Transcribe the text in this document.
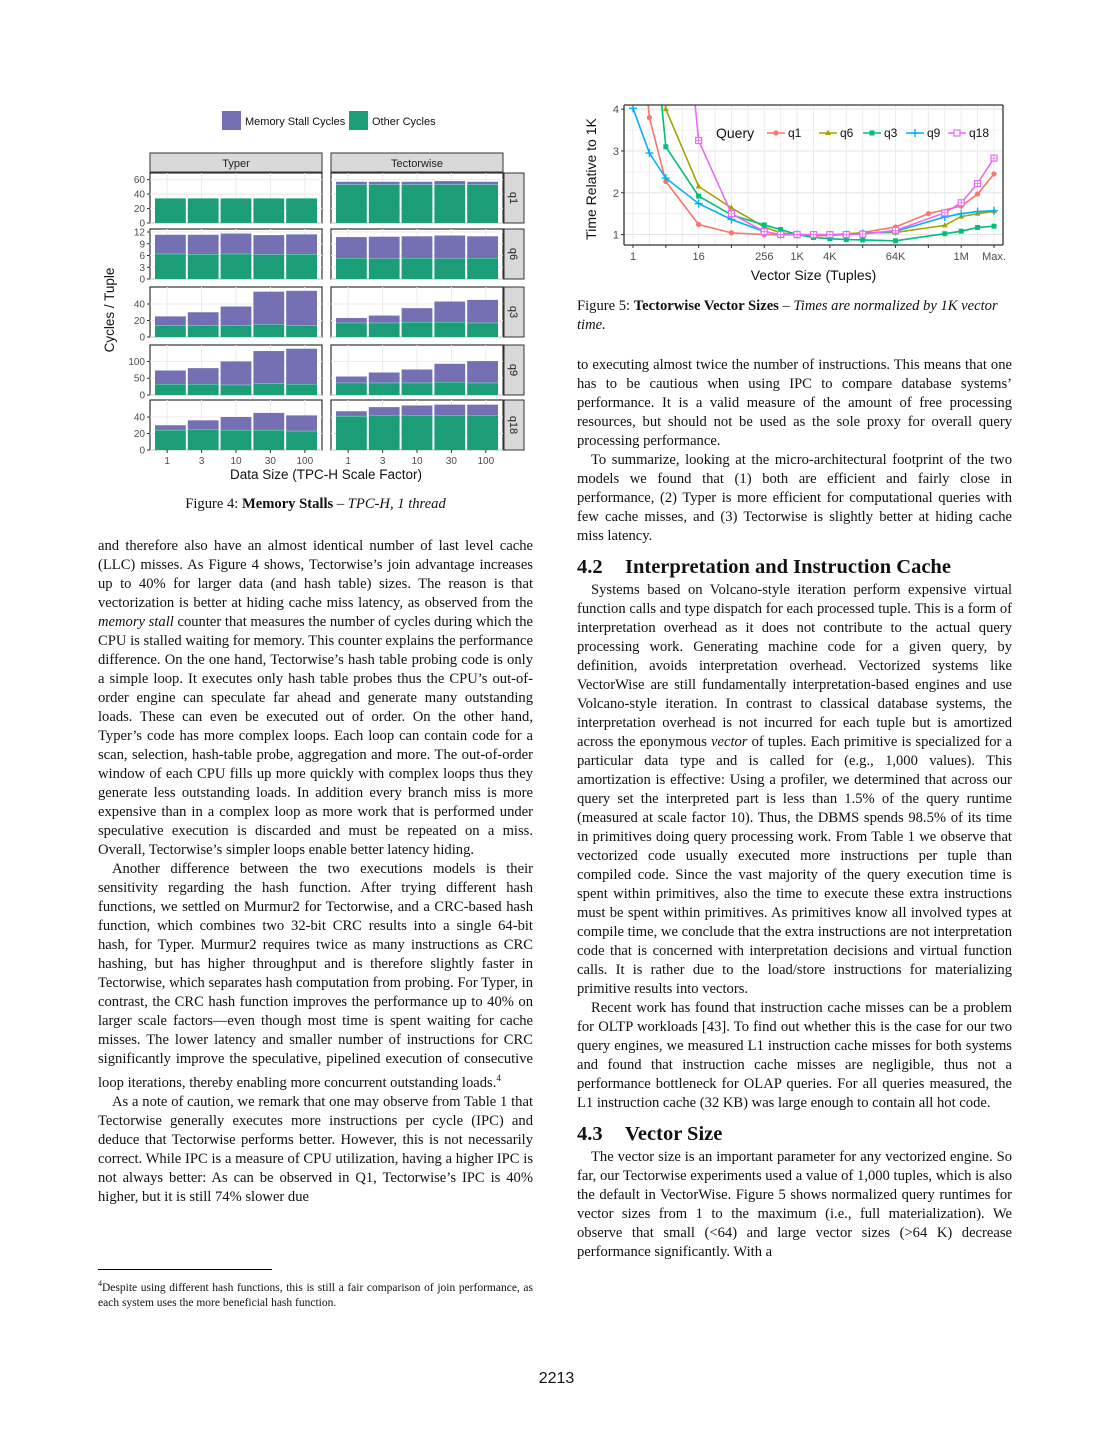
Memory Stall Cycles Other Cycles
Typer	Tectorwise
0
20
40
60
q1
0
3
6
9
12
q6
0
20
40
q3
0
50
100
q9
0
20
40	q18
1	3	10 30 100	1	3	10 30 100
Data Size (TPC-H Scale Factor)
Cycles / Tuple
Figure 4: Memory Stalls – TPC-H, 1 thread
1
2
3
4
1	16	256 1K 4K	64K	1M Max.
Vector Size (Tuples)
Time Relative to 1K	Query	q1	q6	q3 q9 q18
Figure 5: Tectorwise Vector Sizes – Times are normalized by 1K vector time.

and therefore also have an almost identical number of last level cache (LLC) misses. As Figure 4 shows, Tectorwise’s join advantage increases up to 40% for larger data (and hash table) sizes. The reason is that vectorization is better at hiding cache miss latency, as observed from the memory stall counter that measures the number of cycles during which the CPU is stalled waiting for memory. This counter explains the performance difference. On the one hand, Tectorwise’s hash table probing code is only a simple loop. It executes only hash table probes thus the CPU’s out-of-order engine can speculate far ahead and generate many outstanding loads. These can even be executed out of order. On the other hand, Typer’s code has more complex loops. Each loop can contain code for a scan, selection, hash-table probe, aggregation and more. The out-of-order window of each CPU fills up more quickly with complex loops thus they generate less outstanding loads. In addition every branch miss is more expensive than in a complex loop as more work that is performed under speculative execution is discarded and must be repeated on a miss. Overall, Tectorwise’s simpler loops enable better latency hiding.

Another difference between the two executions models is their sensitivity regarding the hash function. After trying different hash functions, we settled on Murmur2 for Tectorwise, and a CRC-based hash function, which combines two 32-bit CRC results into a single 64-bit hash, for Typer. Murmur2 requires twice as many instructions as CRC hashing, but has higher throughput and is therefore slightly faster in Tectorwise, which separates hash computation from probing. For Typer, in contrast, the CRC hash function improves the performance up to 40% on larger scale factors—even though most time is spent waiting for cache misses. The lower latency and smaller number of instructions for CRC significantly improve the speculative, pipelined execution of consecutive loop iterations, thereby enabling more concurrent outstanding loads.$^4$

As a note of caution, we remark that one may observe from Table 1 that Tectorwise generally executes more instructions per cycle (IPC) and deduce that Tectorwise performs better. However, this is not necessarily correct. While IPC is a measure of CPU utilization, having a higher IPC is not always better: As can be observed in Q1, Tectorwise’s IPC is 40% higher, but it is still 74% slower due

$^4$Despite using different hash functions, this is still a fair comparison of join performance, as each system uses the more beneficial hash function.

to executing almost twice the number of instructions. This means that one has to be cautious when using IPC to compare database systems’ performance. It is a valid measure of the amount of free processing resources, but should not be used as the sole proxy for overall query processing performance.

To summarize, looking at the micro-architectural footprint of the two models we found that (1) both are efficient and fairly close in performance, (2) Typer is more efficient for computational queries with few cache misses, and (3) Tectorwise is slightly better at hiding cache miss latency.

4.2 Interpretation and Instruction Cache

Systems based on Volcano-style iteration perform expensive virtual function calls and type dispatch for each processed tuple. This is a form of interpretation overhead as it does not contribute to the actual query processing work. Generating machine code for a given query, by definition, avoids interpretation overhead. Vectorized systems like VectorWise are still fundamentally interpretation-based engines and use Volcano-style iteration. In contrast to classical database systems, the interpretation overhead is not incurred for each tuple but is amortized across the eponymous vector of tuples. Each primitive is specialized for a particular data type and is called for (e.g., 1,000 values). This amortization is effective: Using a profiler, we determined that across our query set the interpreted part is less than 1.5% of the query runtime (measured at scale factor 10). Thus, the DBMS spends 98.5% of its time in primitives doing query processing work. From Table 1 we observe that vectorized code usually executed more instructions per tuple than compiled code. Since the vast majority of the query execution time is spent within primitives, also the time to execute these extra instructions must be spent within primitives. As primitives know all involved types at compile time, we conclude that the extra instructions are not interpretation code that is concerned with interpretation decisions and virtual function calls. It is rather due to the load/store instructions for materializing primitive results into vectors.

Recent work has found that instruction cache misses can be a problem for OLTP workloads [43]. To find out whether this is the case for our two query engines, we measured L1 instruction cache misses for both systems and found that instruction cache misses are negligible, thus not a performance bottleneck for OLAP queries. For all queries measured, the L1 instruction cache (32 KB) was large enough to contain all hot code.

4.3 Vector Size

The vector size is an important parameter for any vectorized engine. So far, our Tectorwise experiments used a value of 1,000 tuples, which is also the default in VectorWise. Figure 5 shows normalized query runtimes for vector sizes from 1 to the maximum (i.e., full materialization). We observe that small (<64) and large vector sizes (>64 K) decrease performance significantly. With a

2213
